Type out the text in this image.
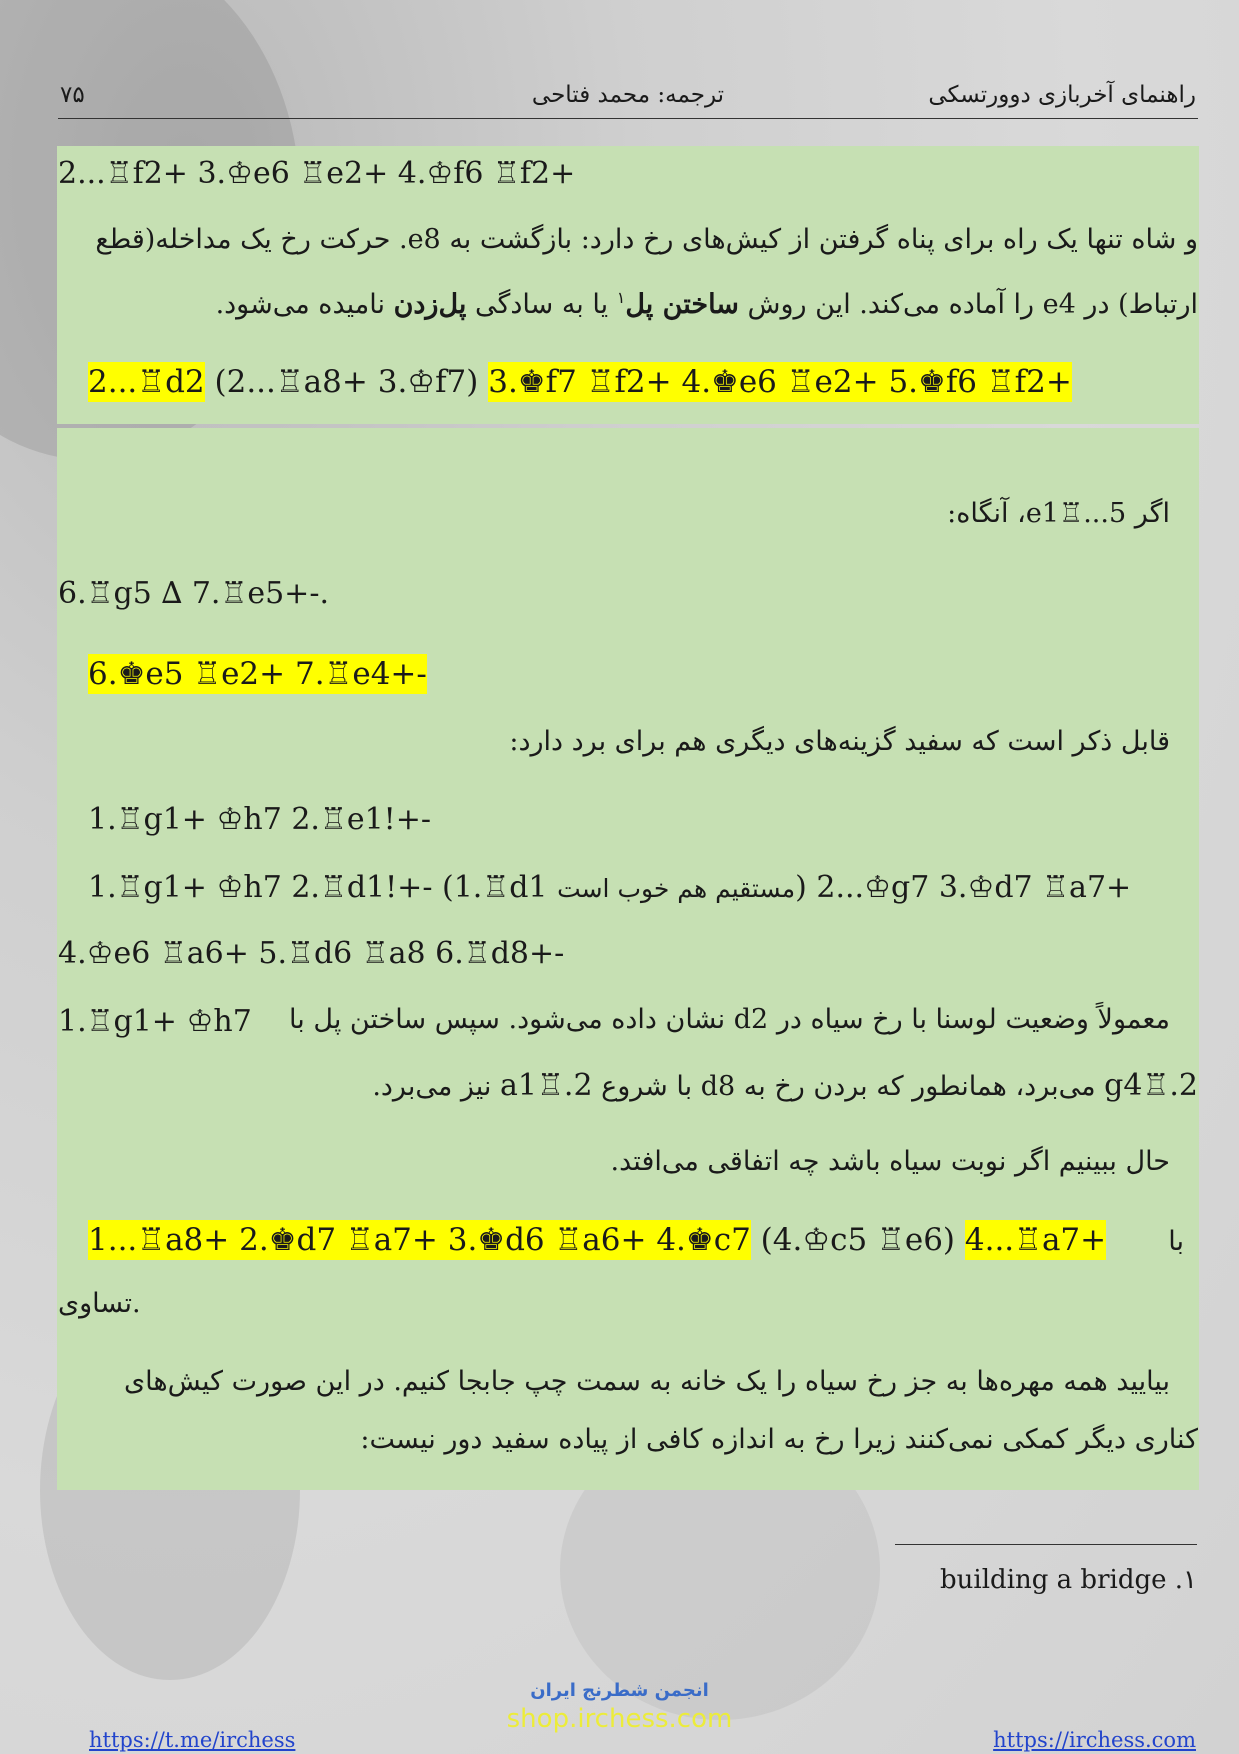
۷۵	ترجمه: محمد فتاحی	راهنمای آخربازی دوورتسکی
2...♖f2+ 3.♔e6 ♖e2+ 4.♔f6 ♖f2+
و شاه تنها یک راه برای پناه گرفتن از کیش‌های رخ دارد: بازگشت به e8. حرکت رخ یک مداخله(قطع
ارتباط) در e4 را آماده می‌کند. این روش ساختن پل$^۱$ یا به سادگی پل‌زدن نامیده می‌شود.
2...♖d2 (2...♖a8+ 3.♔f7) 3.♚f7 ♖f2+ 4.♚e6 ♖e2+ 5.♚f6 ♖f2+
اگر 5...♖e1، آنگاه:
6.♖g5 ∆ 7.♖e5+-.
6.♚e5 ♖e2+ 7.♖e4+-
قابل ذکر است که سفید گزینه‌های دیگری هم برای برد دارد:
1.♖g1+ ♔h7 2.♖e1!+-
1.♖g1+ ♔h7 2.♖d1!+- (1.♖d1 مستقیم هم خوب است) 2...♔g7 3.♔d7 ♖a7+
4.♔e6 ♖a6+ 5.♖d6 ♖a8 6.♖d8+-
1.♖g1+ ♔h7 معمولاً وضعیت لوسنا با رخ سیاه در d2 نشان داده می‌شود. سپس ساختن پل با
2.♖g4 می‌برد، همانطور که بردن رخ به d8 با شروع 2.♖a1 نیز می‌برد.
حال ببینیم اگر نوبت سیاه باشد چه اتفاقی می‌افتد.
1...♖a8+ 2.♚d7 ♖a7+ 3.♚d6 ♖a6+ 4.♚c7 (4.♔c5 ♖e6) 4...♖a7+	با
تساوی.
بیایید همه مهره‌ها به جز رخ سیاه را یک خانه به سمت چپ جابجا کنیم. در این صورت کیش‌های
کناری دیگر کمکی نمی‌کنند زیرا رخ به اندازه کافی از پیاده سفید دور نیست:
۱. building a bridge
انجمن شطرنج ایران
shop.irchess.com
https://t.me/irchess	https://irchess.com
